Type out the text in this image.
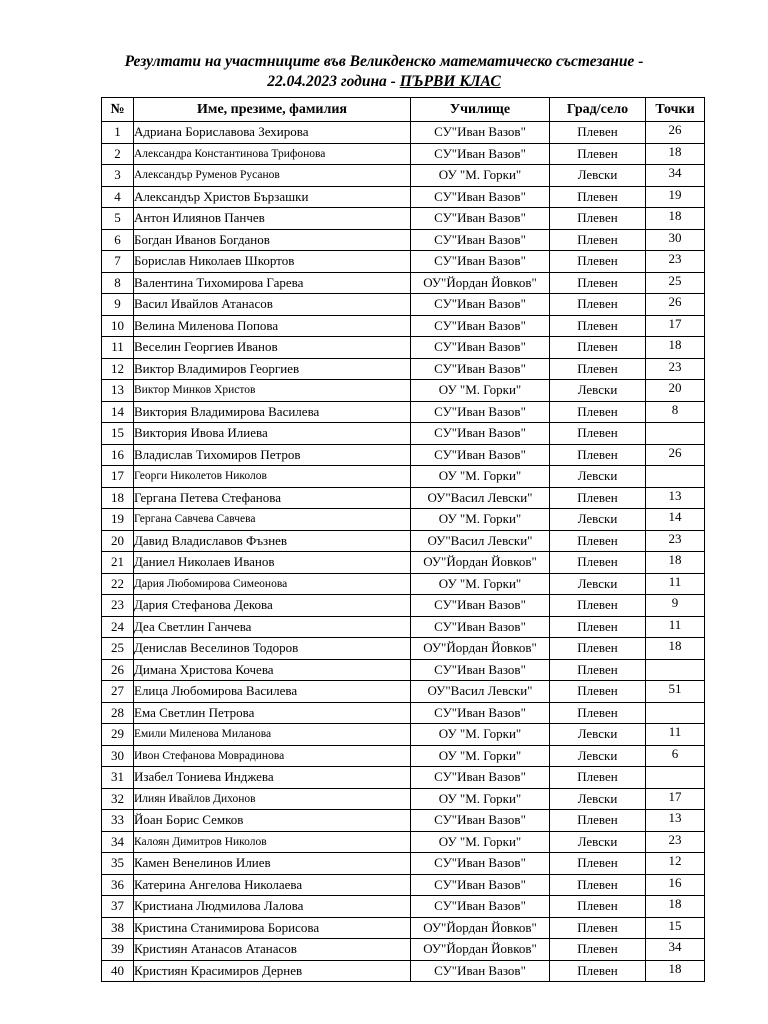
Резултати на участниците във Великденско математическо състезание -
22.04.2023 година - ПЪРВИ КЛАС
№	Име, презиме, фамилия	Училище	Град/село	Точки
1	Адриана Бориславова Зехирова	СУ"Иван Вазов"	Плевен	26
2	Александра Константинова Трифонова	СУ"Иван Вазов"	Плевен	18
3	Александър Руменов Русанов	ОУ "М. Горки"	Левски	34
4	Александър Христов Бързашки	СУ"Иван Вазов"	Плевен	19
5	Антон Илиянов Панчев	СУ"Иван Вазов"	Плевен	18
6	Богдан Иванов Богданов	СУ"Иван Вазов"	Плевен	30
7	Борислав Николаев Шкортов	СУ"Иван Вазов"	Плевен	23
8	Валентина Тихомирова Гарева	ОУ"Йордан Йовков"	Плевен	25
9	Васил Ивайлов Атанасов	СУ"Иван Вазов"	Плевен	26
10	Велина Миленова Попова	СУ"Иван Вазов"	Плевен	17
11	Веселин Георгиев Иванов	СУ"Иван Вазов"	Плевен	18
12	Виктор Владимиров Георгиев	СУ"Иван Вазов"	Плевен	23
13	Виктор Минков Христов	ОУ "М. Горки"	Левски	20
14	Виктория Владимирова Василева	СУ"Иван Вазов"	Плевен	8
15	Виктория Ивова Илиева	СУ"Иван Вазов"	Плевен	
16	Владислав Тихомиров Петров	СУ"Иван Вазов"	Плевен	26
17	Георги Николетов Николов	ОУ "М. Горки"	Левски	
18	Гергана Петева Стефанова	ОУ"Васил Левски"	Плевен	13
19	Гергана Савчева Савчева	ОУ "М. Горки"	Левски	14
20	Давид Владиславов Фъзнев	ОУ"Васил Левски"	Плевен	23
21	Даниел Николаев Иванов	ОУ"Йордан Йовков"	Плевен	18
22	Дария Любомирова Симеонова	ОУ "М. Горки"	Левски	11
23	Дария Стефанова Декова	СУ"Иван Вазов"	Плевен	9
24	Деа Светлин Ганчева	СУ"Иван Вазов"	Плевен	11
25	Денислав Веселинов Тодоров	ОУ"Йордан Йовков"	Плевен	18
26	Димана Христова Кочева	СУ"Иван Вазов"	Плевен	
27	Елица Любомирова Василева	ОУ"Васил Левски"	Плевен	51
28	Ема Светлин Петрова	СУ"Иван Вазов"	Плевен	
29	Емили Миленова Миланова	ОУ "М. Горки"	Левски	11
30	Ивон Стефанова Моврадинова	ОУ "М. Горки"	Левски	6
31	Изабел Тониева Инджева	СУ"Иван Вазов"	Плевен	
32	Илиян Ивайлов Дихонов	ОУ "М. Горки"	Левски	17
33	Йоан Борис Семков	СУ"Иван Вазов"	Плевен	13
34	Калоян Димитров Николов	ОУ "М. Горки"	Левски	23
35	Камен Венелинов Илиев	СУ"Иван Вазов"	Плевен	12
36	Катерина Ангелова Николаева	СУ"Иван Вазов"	Плевен	16
37	Кристиана Людмилова Лалова	СУ"Иван Вазов"	Плевен	18
38	Кристина Станимирова Борисова	ОУ"Йордан Йовков"	Плевен	15
39	Кристиян Атанасов Атанасов	ОУ"Йордан Йовков"	Плевен	34
40	Кристиян Красимиров Дернев	СУ"Иван Вазов"	Плевен	18
